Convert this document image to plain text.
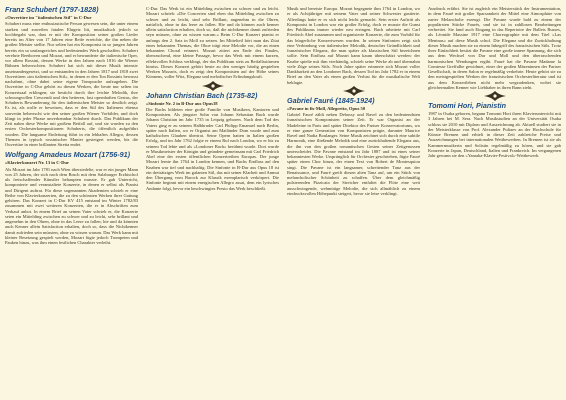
Franz Schubert (1797-1828)
»Ouvertüre im "italienischen Stil" in C-Dur

Schubert muss eine enthusiastische Person gewesen sein, die unter einem starken und zuweilen fatalen Ehrgeiz litt, musikalisch jedoch so hochbegabt war, dass er mit der Komposition seiner großen Lieder bereits im Alter von 17 Jahren eine Reife erreichte, die ihn neben die großen Meister stellte. Nur selten hat ein Komponist in so jungen Jahren bereits ein so umfangreiches und bedeutendes Werk geschaffen. Schubert verehrte Beethoven und Mozart, und er bewunderte die italienische Oper, vor allem Rossini, dessen Werke in den Jahren nach 1816 die Wiener Bühnen beherrschten. Schubert hat sich mit dieser Musik intensiv auseinandergesetzt, und so entstanden in den Jahren 1817 und 1818 zwei Ouvertüren »im italienischen Stil«, in denen er den Ton Rossinis bewusst nachahmt, ohne dabei seine eigene Tonsprache aufzugeben. Die Ouvertüre in C-Dur gehört zu diesen Werken, die heute nur selten im Konzertsaal erklingen; sie besticht durch ihre leichte Melodik, ihre schwungvollen Crescendi und den heiteren, fast opernhaften Gestus, der Schuberts Bewunderung für den italienischen Meister so deutlich zeigt. Es ist, als wolle er beweisen, dass er den Stil des Italieners ebenso souverän beherrscht wie den seiner großen Wiener Vorbilder, und doch klingt in jeder Phrase unverkennbar Schubert durch. Das Publikum der Zeit nahm diese Werke mit großem Beifall auf, und sie wurden zu den ersten Orchesterkompositionen Schuberts, die öffentlich aufgeführt wurden. Die langsame Einleitung führt in ein lebhaftes Allegro, dessen Themen in typisch rossinischer Manier gesteigert werden, bis die Ouvertüre in einer brillanten Stretta endet.

Wolfgang Amadeus Mozart (1756-91)
»Klavierkonzert Nr. 13 in C-Dur

Als Mozart im Jahr 1781 nach Wien übersiedelte, war er ein junger Mann von 25 Jahren, der sich nach dem Bruch mit dem Salzburger Erzbischof als freischaffender Künstler behaupten musste. Er gab Unterricht, komponierte und veranstaltete Konzerte, in denen er selbst als Pianist und Dirigent auftrat. Für diese sogenannten Akademien schrieb er eine Reihe von Klavierkonzerten, die zu den schönsten Werken ihrer Gattung gehören. Das Konzert in C-Dur KV 415 entstand im Winter 1782/83 zusammen mit zwei weiteren Konzerten, die er in Abschriften zum Verkauf anbot. In einem Brief an seinen Vater schrieb er, die Konzerte seien ein Mittelding zwischen zu schwer und zu leicht, sehr brillant und angenehm in den Ohren, ohne in das Leere zu fallen; hie und da könnten auch Kenner allein Satisfaction erhalten, doch so, dass die Nichtkenner damit zufrieden sein müssten, ohne zu wissen warum. Das Werk kann mit kleiner Besetzung gespielt werden, Mozart fügte jedoch Trompeten und Pauken hinzu, was ihm einen festlichen Charakter verleiht.

C-Dur. Das Werk ist ein Mittelding zwischen zu schwer und zu leicht. Mozart schrieb: »Die Concerten sind eben das Mittelding zwischen zu schwer und zu leicht, sind sehr Brillant, angenehm in die Ohren, natürlich, ohne in das leere zu fallen. Hie und da können auch kenner allein satisfaction erhalten, doch so, daß die nichtkenner damit zufrieden seyn müssen, ohne zu wissen warum.« Beim C-Dur Konzert pianist er anfangs den 2. Satz in Moll zu setzen. Im Mittelteil hört man das Zitat eines bekannten Themas, die Oboe trägt eine Melodie vor, die an einen bekannten Choral erinnert. Mozart zitiert am Ende des Finales, überraschend, eine kleine Passage, bevor das Werk mit einem kurzen, effektvollen Schluss verklingt, der das Publikum stets zu Beifallsstürmen hinriss. Dieses Konzert gehört heute zu den weniger häufig gespielten Werken Mozarts, doch es zeigt den Komponisten auf der Höhe seines Könnens, voller Witz, Eleganz und melodischer Erfindungskraft.

Johann Christian Bach (1735-82)
»Sinfonie Nr. 2 in B-Dur aus Opus18

Die Bachs bildeten eine große Familie von Musikern, Kantoren und Komponisten. Als jüngster Sohn von Johann Sebastian Bach wurde Johann Christian im Jahr 1735 in Leipzig geboren. Nach dem Tod des Vaters ging er zu seinem Halbbruder Carl Philipp Emanuel nach Berlin, später nach Italien, wo er Organist am Mailänder Dom wurde und zum katholischen Glauben übertrat. Seine Opern hatten in Italien großen Erfolg, und im Jahr 1762 folgte er einem Ruf nach London, wo er bis zu seinem Tod lebte und als »Londoner Bach« berühmt wurde. Dort wurde er Musikmeister der Königin und gründete gemeinsam mit Carl Friedrich Abel eine der ersten öffentlichen Konzertreihen Europas. Der junge Mozart lernte ihn 1764 in London kennen, und Bachs Einfluss auf den Knaben war tief und nachhaltig. Die Sinfonie in B-Dur aus Opus 18 ist ein dreisätziges Werk im galanten Stil, das mit seiner Klarheit und Anmut den Übergang vom Barock zur Klassik exemplarisch verkörpert. Die Sinfonie beginnt mit einem energischen Allegro assai, dem ein lyrisches Andante folgt, bevor ein beschwingtes Presto das Werk beschließt.

Musik und bereiste Europa. Mozart begegnete ihm 1764 in London, wo er als Achtjähriger mit seinem Vater und seiner Schwester gastierte. Allerdings hatte er es sich nicht leicht gemacht. Sein erster Auftritt als Komponist in London war ein großer Erfolg, doch er musste die Gunst des Publikums immer wieder neu erringen. Bach arbeitete mit Carl Friedrich Abel zusammen und organisierte Konzerte, die zum Vorbild für das bürgerliche Konzertwesen wurden. In seinen Sinfonien zeigt sich eine Verbindung von italienischer Melodik, deutscher Gründlichkeit und französischer Eleganz, die man später als klassischen Stil bezeichnen sollte. Sein Einfluss auf Mozart kann kaum überschätzt werden: der Knabe spielte mit ihm vierhändig, schrieb seine Werke ab und übernahm viele Züge seines Stils. Noch Jahre später erinnerte sich Mozart voller Dankbarkeit an den Londoner Bach, dessen Tod im Jahr 1782 er in einem Brief an den Vater als einen großen Verlust für die musikalische Welt beklagte.

Gabriel Fauré (1845-1924)
»Pavane in fis-Moll, Allegretto, Opus 50

Gabriel Fauré zählt neben Debussy und Ravel zu den bedeutendsten französischen Komponisten seiner Zeit. Er war Organist an der Madeleine in Paris und später Direktor des Pariser Konservatoriums, wo er eine ganze Generation von Komponisten prägte, darunter Maurice Ravel und Nadia Boulanger. Seine Musik zeichnet sich durch eine subtile Harmonik, eine fließende Melodik und eine zurückhaltende Eleganz aus, die ihn von den großen romantischen Gesten seiner Zeitgenossen unterscheidet. Die Pavane entstand im Jahr 1887 und ist eines seiner bekanntesten Werke. Ursprünglich für Orchester geschrieben, fügte Fauré später einen Chor hinzu, der einen Text von Robert de Montesquiou singt. Die Pavane ist ein langsamer, schreitender Tanz aus der Renaissance, und Fauré greift diesen alten Tanz auf, um ein Stück von melancholischer Schönheit zu schaffen. Über dem gleichmäßig pulsierenden Pizzicato der Streicher entfaltet die Flöte eine weit ausschwingende, wehmütige Melodie, die sich allmählich zu einem eindrucksvollen Höhepunkt steigert, bevor sie leise verklingt.

Ausdruck erfährt. Sie ist zugleich ein Meisterstück der Instrumentation, in dem Fauré mit großer Sparsamkeit der Mittel eine Atmosphäre von zarter Melancholie erzeugt. Die Pavane wurde bald zu einem der populärsten Stücke Faurés, und sie ist in zahllosen Bearbeitungen verbreitet. Sie fand auch Eingang in das Repertoire der Ballets Russes, als Léonide Massine 1917 eine Choreographie mit dem Titel »Las Meninas« auf diese Musik schuf. Die Eleganz und die Zurückhaltung dieser Musik machen sie zu einem Inbegriff des französischen Stils. Trotz ihrer Einfachheit besitzt die Pavane eine große innere Spannung, die sich aus dem Wechsel von Dur und Moll und den überraschenden harmonischen Wendungen ergibt. Fauré hat die Pavane Madame la Comtesse Greffulhe gewidmet, einer der großen Mäzeninnen der Pariser Gesellschaft, in deren Salon er regelmäßig verkehrte. Heute gehört sie zu den meistgespielten Werken der französischen Orchesterliteratur und ist aus dem Konzertleben nicht mehr wegzudenken, wobei sie gleichermaßen Kenner wie Liebhaber in ihren Bann zieht.

Tomomi Hori, Pianistin

1987 in Osaka geboren, begann Tomomi Hori ihren Klavierunterricht mit 3 Jahren bei M. Sera. Nach Musikstudien an der Universität Osaka schloss sie 2010 mit Diplom und Auszeichnung ab. Aktuell studiert sie in der Meisterklasse von Prof. Alexander Puliaev an der Hochschule für Künste Bremen und erhielt in dieser Zeit zahlreiche Preise und Auszeichnungen bei internationalen Wettbewerben. In Bremen ist sie als Kammermusikerin und Solistin regelmäßig zu hören, und sie gab Konzerte in Japan, Deutschland, Italien und Frankreich. Im vergangenen Jahr gewann sie den »Yamaha-Klavier-Festival«-Wettbewerb.
